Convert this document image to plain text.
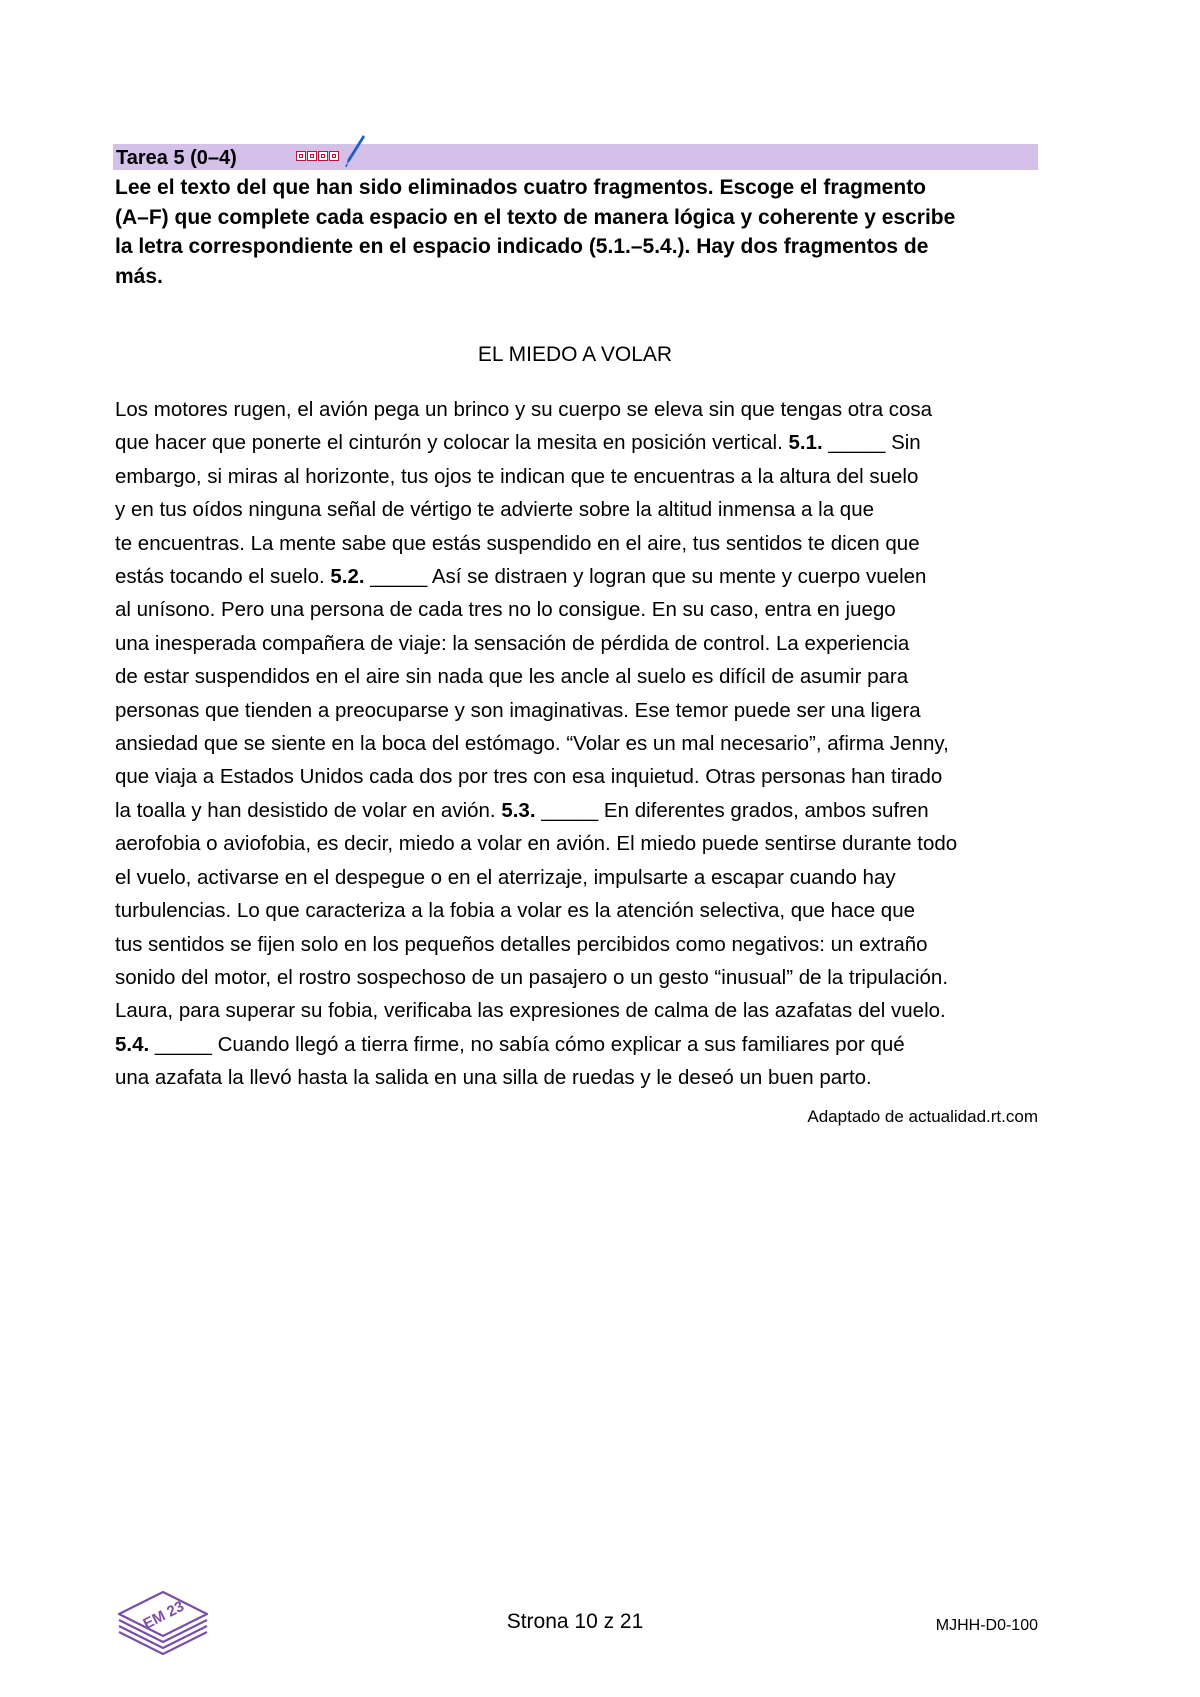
Tarea 5 (0–4)
Lee el texto del que han sido eliminados cuatro fragmentos. Escoge el fragmento
(A–F) que complete cada espacio en el texto de manera lógica y coherente y escribe
la letra correspondiente en el espacio indicado (5.1.–5.4.). Hay dos fragmentos de
más.
EL MIEDO A VOLAR
Los motores rugen, el avión pega un brinco y su cuerpo se eleva sin que tengas otra cosa
que hacer que ponerte el cinturón y colocar la mesita en posición vertical. 5.1. _____ Sin
embargo, si miras al horizonte, tus ojos te indican que te encuentras a la altura del suelo
y en tus oídos ninguna señal de vértigo te advierte sobre la altitud inmensa a la que
te encuentras. La mente sabe que estás suspendido en el aire, tus sentidos te dicen que
estás tocando el suelo. 5.2. _____ Así se distraen y logran que su mente y cuerpo vuelen
al unísono. Pero una persona de cada tres no lo consigue. En su caso, entra en juego
una inesperada compañera de viaje: la sensación de pérdida de control. La experiencia
de estar suspendidos en el aire sin nada que les ancle al suelo es difícil de asumir para
personas que tienden a preocuparse y son imaginativas. Ese temor puede ser una ligera
ansiedad que se siente en la boca del estómago. “Volar es un mal necesario”, afirma Jenny,
que viaja a Estados Unidos cada dos por tres con esa inquietud. Otras personas han tirado
la toalla y han desistido de volar en avión. 5.3. _____ En diferentes grados, ambos sufren
aerofobia o aviofobia, es decir, miedo a volar en avión. El miedo puede sentirse durante todo
el vuelo, activarse en el despegue o en el aterrizaje, impulsarte a escapar cuando hay
turbulencias. Lo que caracteriza a la fobia a volar es la atención selectiva, que hace que
tus sentidos se fijen solo en los pequeños detalles percibidos como negativos: un extraño
sonido del motor, el rostro sospechoso de un pasajero o un gesto “inusual” de la tripulación.
Laura, para superar su fobia, verificaba las expresiones de calma de las azafatas del vuelo.
5.4. _____ Cuando llegó a tierra firme, no sabía cómo explicar a sus familiares por qué
una azafata la llevó hasta la salida en una silla de ruedas y le deseó un buen parto.
Adaptado de actualidad.rt.com
EM 23	Strona 10 z 21	MJHH-D0-100
